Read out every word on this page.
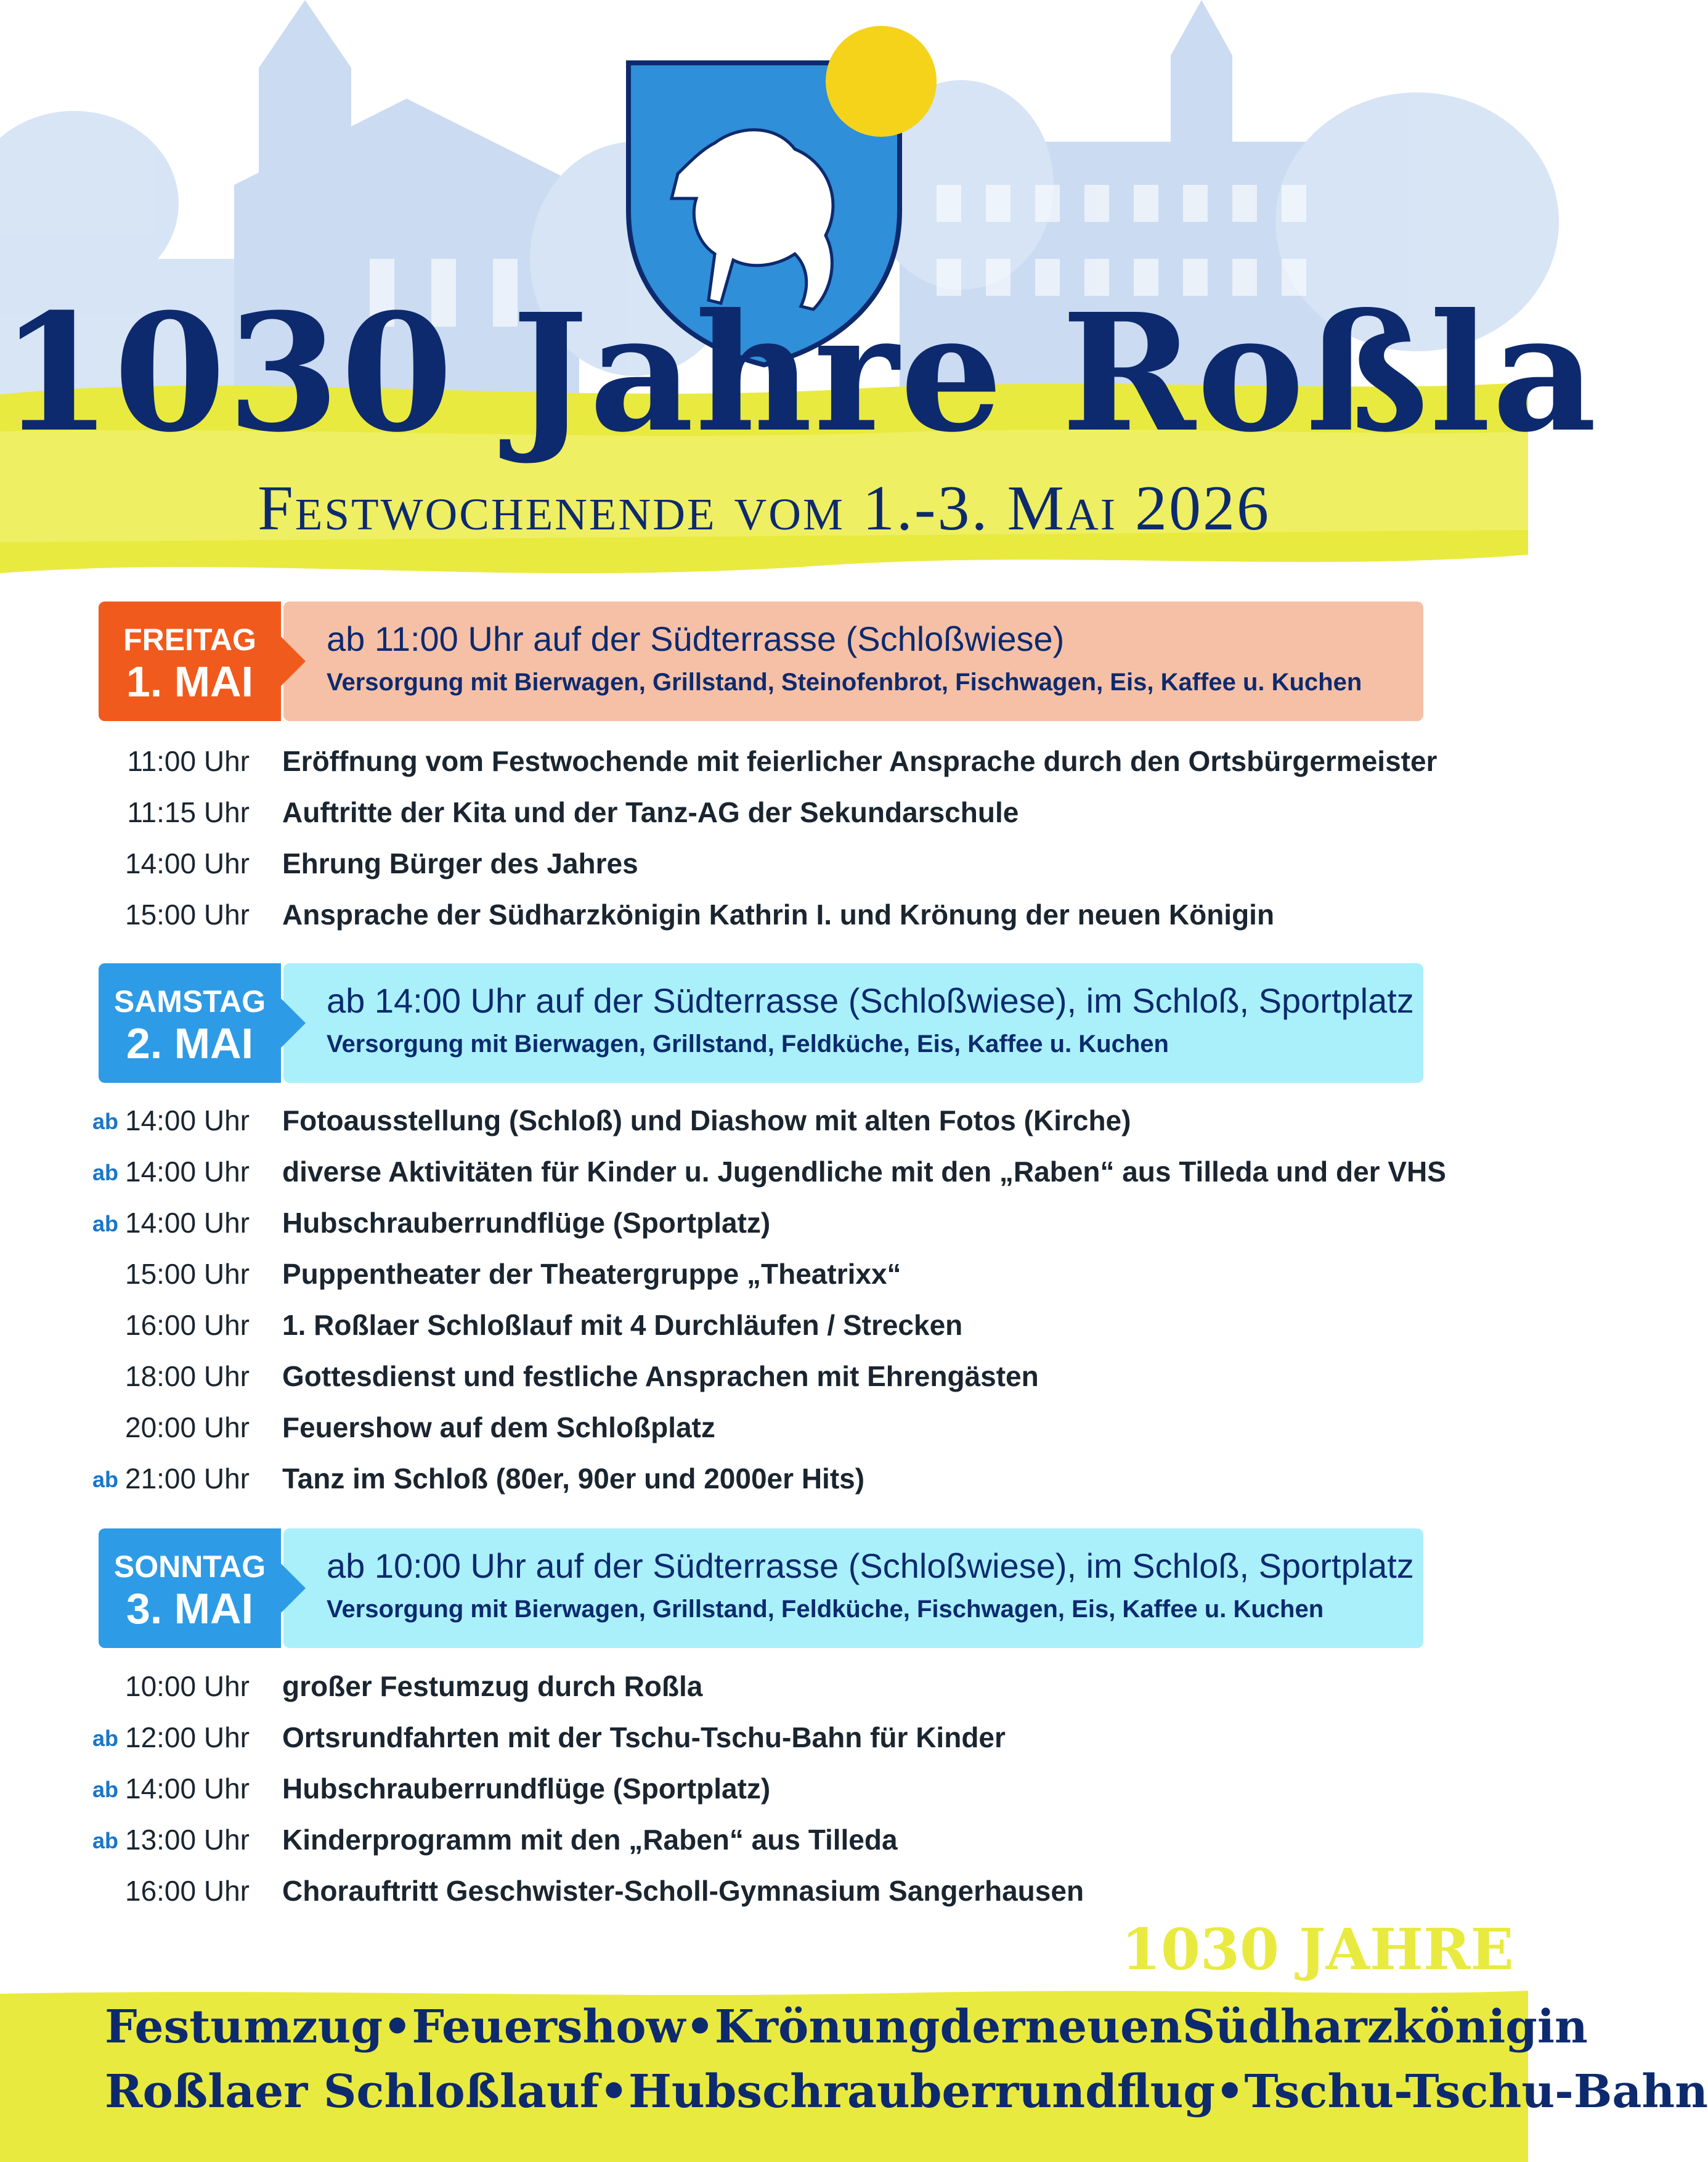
1030 Jahre Roßla
Festwochenende vom 1.-3. Mai 2026
ab 11:00 Uhr auf der Südterrasse (Schloßwiese)
Versorgung mit Bierwagen, Grillstand, Steinofenbrot, Fischwagen, Eis, Kaffee u. Kuchen
FREITAG
1. MAI
11:00 Uhr Eröffnung vom Festwochende mit feierlicher Ansprache durch den Ortsbürgermeister
11:15 Uhr Auftritte der Kita und der Tanz-AG der Sekundarschule
14:00 Uhr Ehrung Bürger des Jahres
15:00 Uhr Ansprache der Südharzkönigin Kathrin I. und Krönung der neuen Königin
ab 14:00 Uhr auf der Südterrasse (Schloßwiese), im Schloß, Sportplatz
Versorgung mit Bierwagen, Grillstand, Feldküche, Eis, Kaffee u. Kuchen
SAMSTAG
2. MAI
ab 14:00 Uhr Fotoausstellung (Schloß) und Diashow mit alten Fotos (Kirche)
ab 14:00 Uhr diverse Aktivitäten für Kinder u. Jugendliche mit den „Raben“ aus Tilleda und der VHS
ab 14:00 Uhr Hubschrauberrundflüge (Sportplatz)
15:00 Uhr Puppentheater der Theatergruppe „Theatrixx“
16:00 Uhr 1. Roßlaer Schloßlauf mit 4 Durchläufen / Strecken
18:00 Uhr Gottesdienst und festliche Ansprachen mit Ehrengästen
20:00 Uhr Feuershow auf dem Schloßplatz
ab 21:00 Uhr Tanz im Schloß (80er, 90er und 2000er Hits)
ab 10:00 Uhr auf der Südterrasse (Schloßwiese), im Schloß, Sportplatz
Versorgung mit Bierwagen, Grillstand, Feldküche, Fischwagen, Eis, Kaffee u. Kuchen
SONNTAG
3. MAI
10:00 Uhr großer Festumzug durch Roßla
ab 12:00 Uhr Ortsrundfahrten mit der Tschu-Tschu-Bahn für Kinder
ab 14:00 Uhr Hubschrauberrundflüge (Sportplatz)
ab 13:00 Uhr Kinderprogramm mit den „Raben“ aus Tilleda
16:00 Uhr Chorauftritt Geschwister-Scholl-Gymnasium Sangerhausen
1030 JAHRE
Festumzug • Feuershow • Krönung der neuen Südharzkönigin
Roßlaer Schloßlauf • Hubschrauberrundflug • Tschu-Tschu-Bahn
